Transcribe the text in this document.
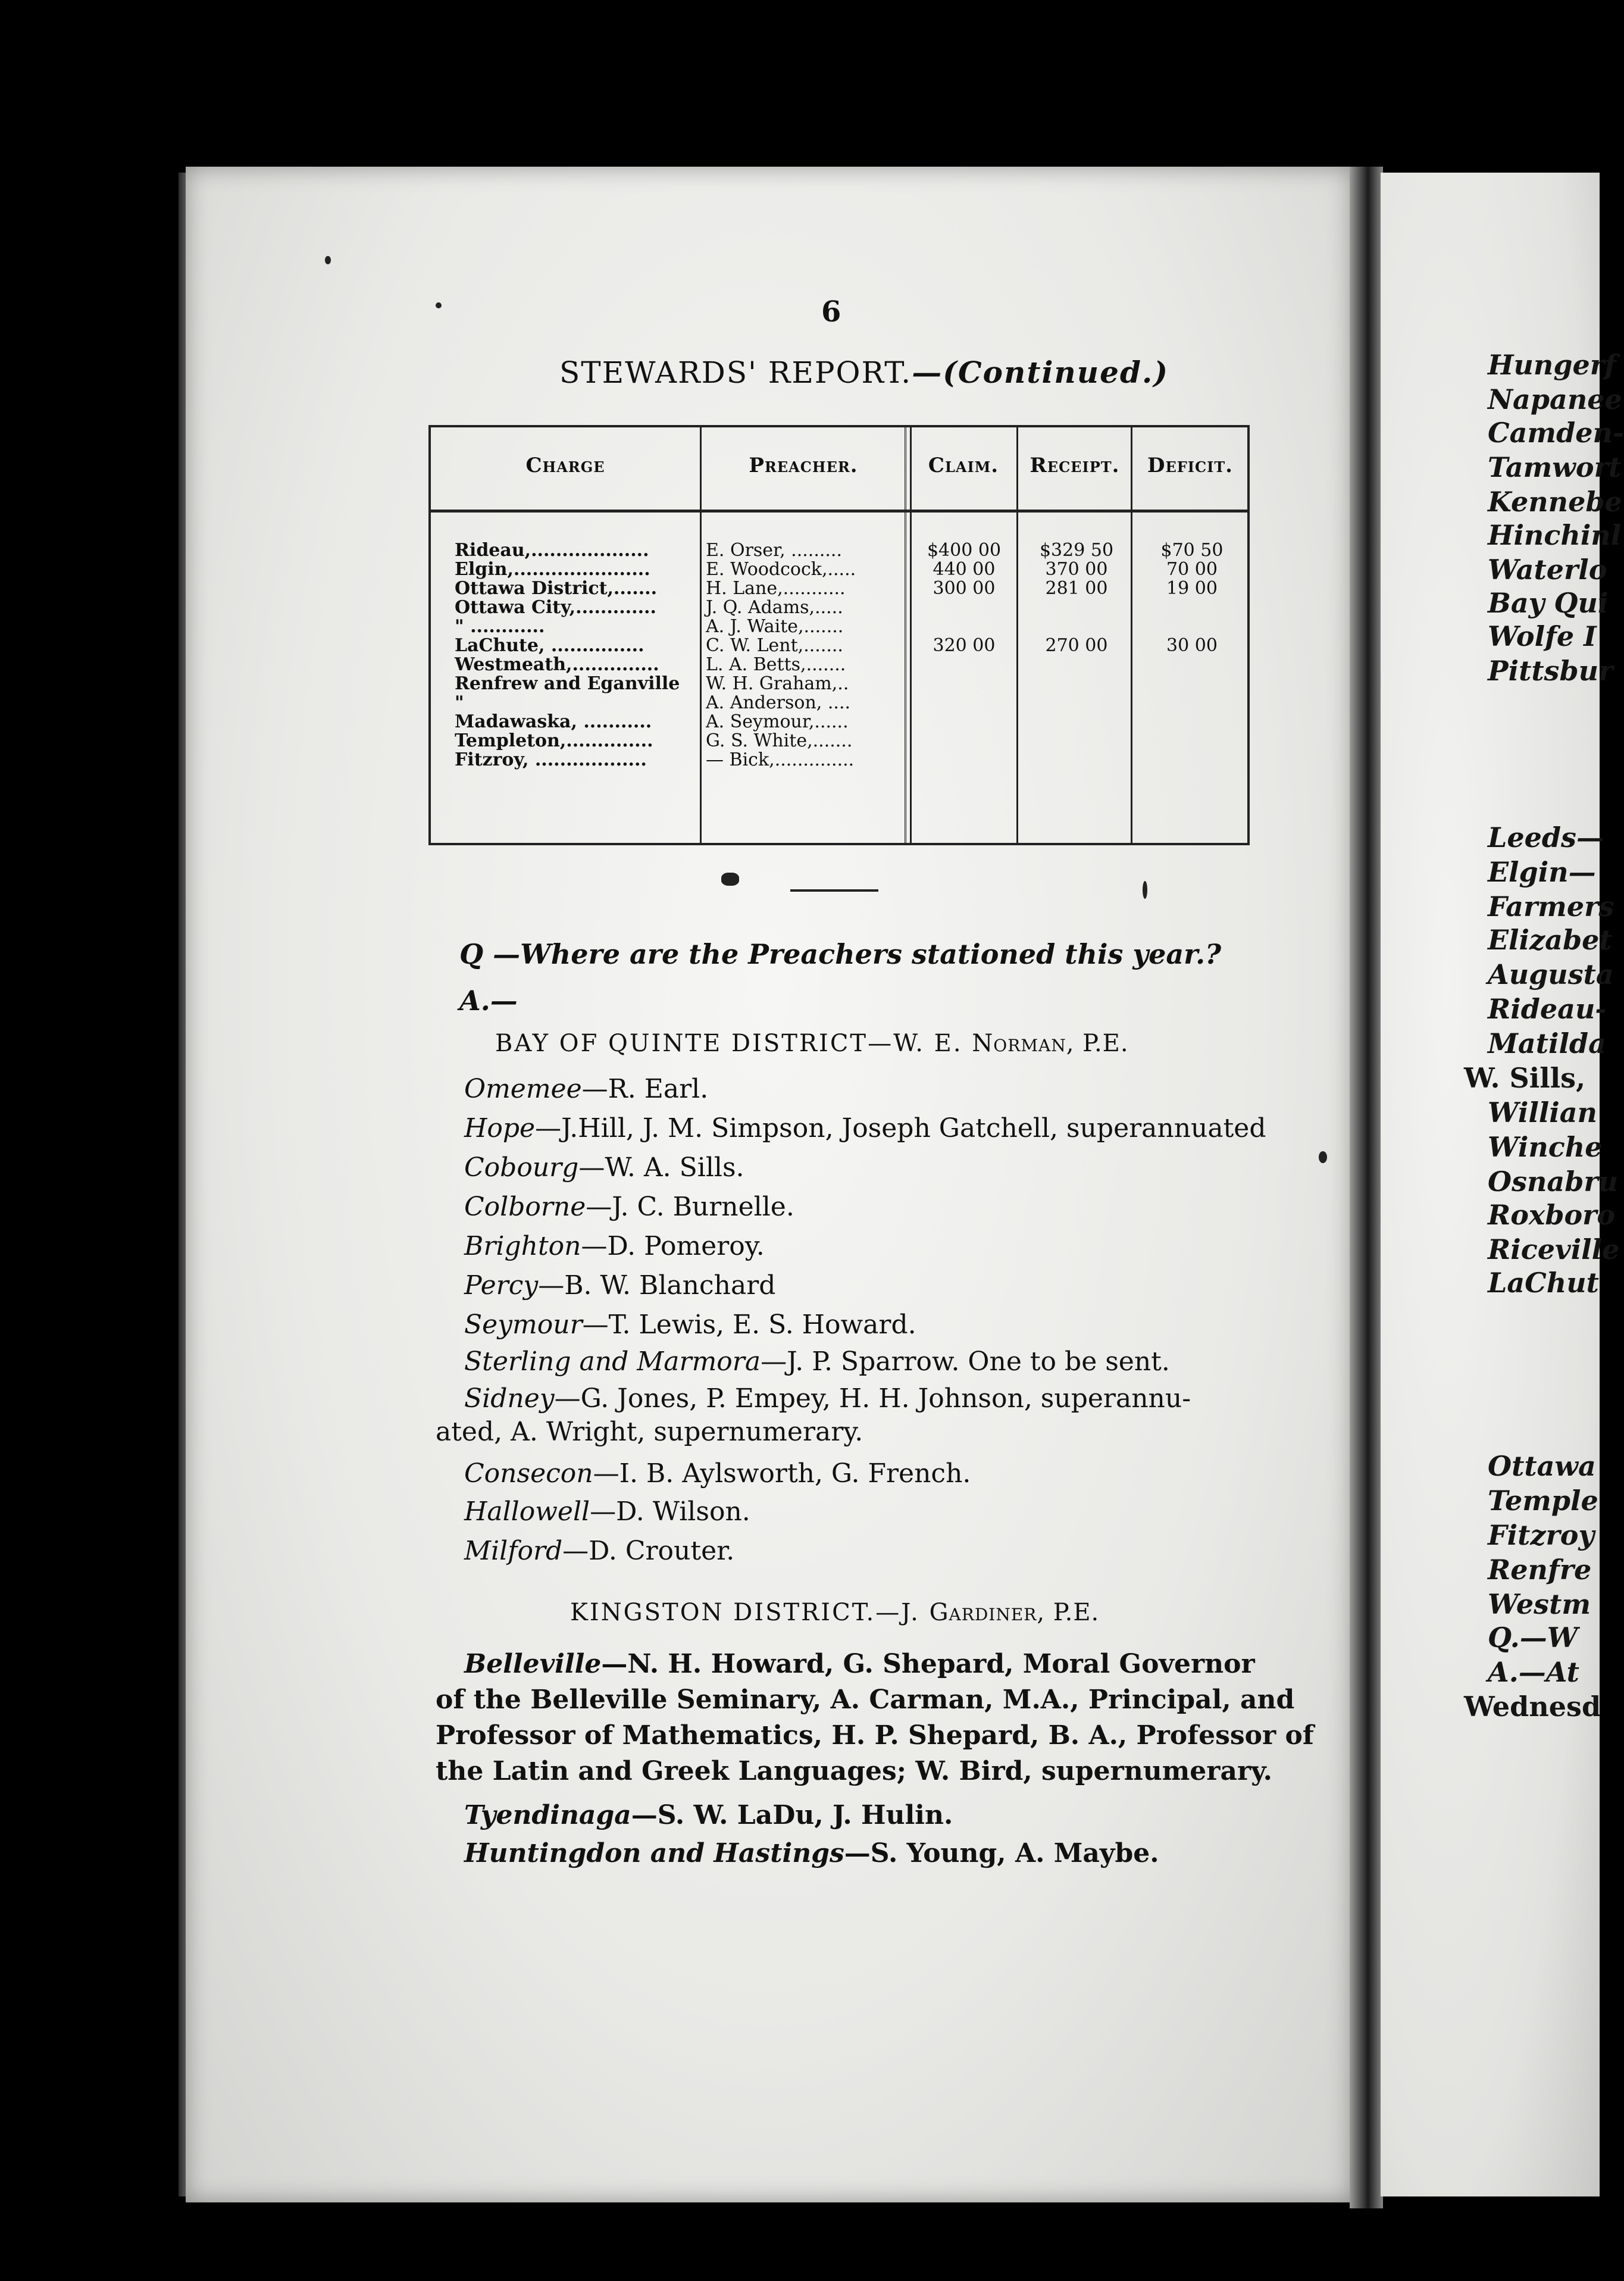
Hungerf
Napanee
Camden-
Tamwort
Kennebe
Hinchinl
Waterlo
Bay Qui
Wolfe I
Pittsbur
Leeds—
Elgin—
Farmers
Elizabet
Augusta
Rideau-
Matilda
W. Sills,
Willian
Winche
Osnabru
Roxboro
Riceville
LaChut
Ottawa
Temple
Fitzroy
Renfre
Westm
Q.—W
A.—At
Wednesd
6
STEWARDS' REPORT.—(Continued.)
Charge	Preacher.	Claim.	Receipt.	Deficit.
Rideau,...................	E. Orser, .........	$400 00	$329 50	$70 50
Elgin,......................	E. Woodcock,.....	440 00	370 00	70 00
Ottawa District,.......	H. Lane,...........	300 00	281 00	19 00
Ottawa City,.............	J. Q. Adams,.....
" ............	A. J. Waite,.......
LaChute, ...............	C. W. Lent,.......	320 00	270 00	30 00
Westmeath,..............	L. A. Betts,.......
Renfrew and Eganville	W. H. Graham,..
"	A. Anderson, ....
Madawaska, ...........	A. Seymour,......
Templeton,..............	G. S. White,.......
Fitzroy, ..................	— Bick,..............
Q —Where are the Preachers stationed this year.?
A.—
BAY OF QUINTE DISTRICT—W. E. Norman, P.E.
Omemee—R. Earl.
Hope—J.Hill, J. M. Simpson, Joseph Gatchell, superannuated
Cobourg—W. A. Sills.
Colborne—J. C. Burnelle.
Brighton—D. Pomeroy.
Percy—B. W. Blanchard
Seymour—T. Lewis, E. S. Howard.
Sterling and Marmora—J. P. Sparrow. One to be sent.
Sidney—G. Jones, P. Empey, H. H. Johnson, superannu-
ated, A. Wright, supernumerary.
Consecon—I. B. Aylsworth, G. French.
Hallowell—D. Wilson.
Milford—D. Crouter.
KINGSTON DISTRICT.—J. Gardiner, P.E.
Belleville—N. H. Howard, G. Shepard, Moral Governor
of the Belleville Seminary, A. Carman, M.A., Principal, and
Professor of Mathematics, H. P. Shepard, B. A., Professor of
the Latin and Greek Languages; W. Bird, supernumerary.
Tyendinaga—S. W. LaDu, J. Hulin.
Huntingdon and Hastings—S. Young, A. Maybe.
